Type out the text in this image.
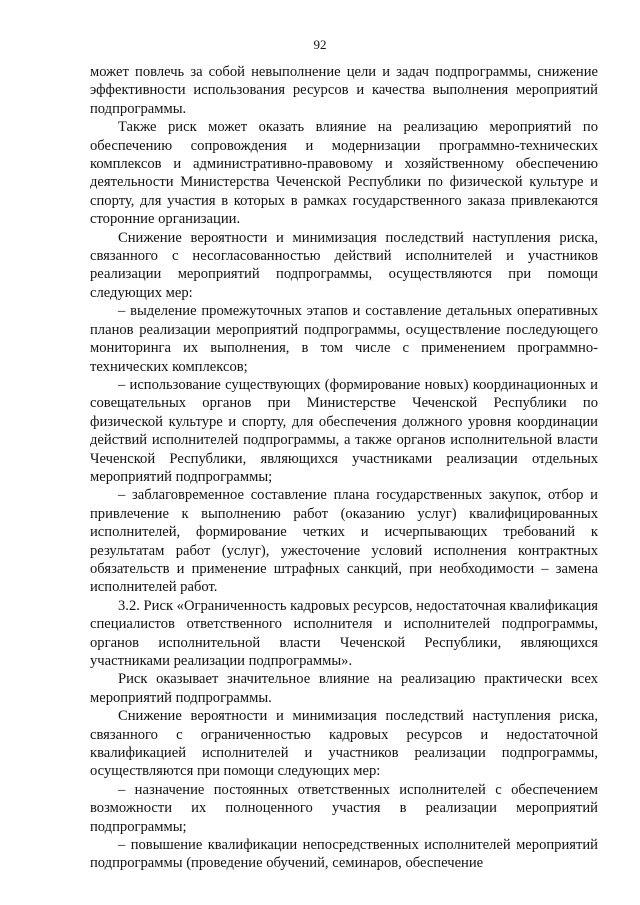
92

может повлечь за собой невыполнение цели и задач подпрограммы, снижение эффективности использования ресурсов и качества выполнения мероприятий подпрограммы.

Также риск может оказать влияние на реализацию мероприятий по обеспечению сопровождения и модернизации программно-технических комплексов и административно-правовому и хозяйственному обеспечению деятельности Министерства Чеченской Республики по физической культуре и спорту, для участия в которых в рамках государственного заказа привлекаются сторонние организации.

Снижение вероятности и минимизация последствий наступления риска, связанного с несогласованностью действий исполнителей и участников реализации мероприятий подпрограммы, осуществляются при помощи следующих мер:

– выделение промежуточных этапов и составление детальных оперативных планов реализации мероприятий подпрограммы, осуществление последующего мониторинга их выполнения, в том числе с применением программно-технических комплексов;

– использование существующих (формирование новых) координационных и совещательных органов при Министерстве Чеченской Республики по физической культуре и спорту, для обеспечения должного уровня координации действий исполнителей подпрограммы, а также органов исполнительной власти Чеченской Республики, являющихся участниками реализации отдельных мероприятий подпрограммы;

– заблаговременное составление плана государственных закупок, отбор и привлечение к выполнению работ (оказанию услуг) квалифицированных исполнителей, формирование четких и исчерпывающих требований к результатам работ (услуг), ужесточение условий исполнения контрактных обязательств и применение штрафных санкций, при необходимости – замена исполнителей работ.

3.2. Риск «Ограниченность кадровых ресурсов, недостаточная квалификация специалистов ответственного исполнителя и исполнителей подпрограммы, органов исполнительной власти Чеченской Республики, являющихся участниками реализации подпрограммы».

Риск оказывает значительное влияние на реализацию практически всех мероприятий подпрограммы.

Снижение вероятности и минимизация последствий наступления риска, связанного с ограниченностью кадровых ресурсов и недостаточной квалификацией исполнителей и участников реализации подпрограммы, осуществляются при помощи следующих мер:

– назначение постоянных ответственных исполнителей с обеспечением возможности их полноценного участия в реализации мероприятий подпрограммы;

– повышение квалификации непосредственных исполнителей мероприятий подпрограммы (проведение обучений, семинаров, обеспечение
